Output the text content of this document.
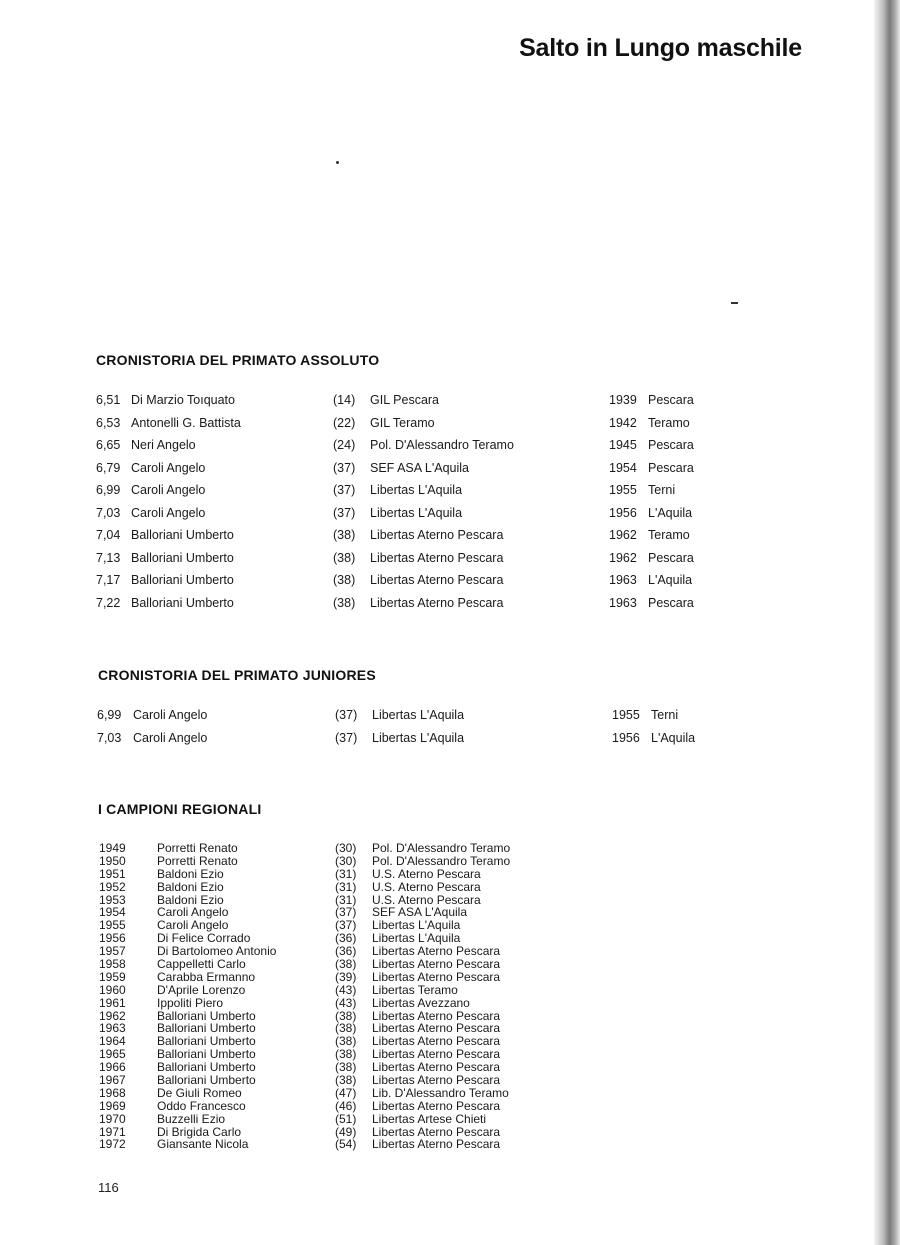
Salto in Lungo maschile
CRONISTORIA DEL PRIMATO ASSOLUTO
6,51 Di Marzio Toıquato	(14) GIL Pescara	1939 Pescara
6,53 Antonelli G. Battista	(22) GIL Teramo	1942 Teramo
6,65 Neri Angelo	(24) Pol. D'Alessandro Teramo	1945 Pescara
6,79 Caroli Angelo	(37) SEF ASA L'Aquila	1954 Pescara
6,99 Caroli Angelo	(37) Libertas L'Aquila	1955 Terni
7,03 Caroli Angelo	(37) Libertas L'Aquila	1956 L'Aquila
7,04 Balloriani Umberto	(38) Libertas Aterno Pescara	1962 Teramo
7,13 Balloriani Umberto	(38) Libertas Aterno Pescara	1962 Pescara
7,17 Balloriani Umberto	(38) Libertas Aterno Pescara	1963 L'Aquila
7,22 Balloriani Umberto	(38) Libertas Aterno Pescara	1963 Pescara
CRONISTORIA DEL PRIMATO JUNIORES
6,99 Caroli Angelo	(37) Libertas L'Aquila	1955 Terni
7,03 Caroli Angelo	(37) Libertas L'Aquila	1956 L'Aquila
I CAMPIONI REGIONALI
1949	Porretti Renato	(30) Pol. D'Alessandro Teramo
1950	Porretti Renato	(30) Pol. D'Alessandro Teramo
1951	Baldoni Ezio	(31) U.S. Aterno Pescara
1952	Baldoni Ezio	(31) U.S. Aterno Pescara
1953	Baldoni Ezio	(31) U.S. Aterno Pescara
1954	Caroli Angelo	(37) SEF ASA L'Aquila
1955	Caroli Angelo	(37) Libertas L'Aquila
1956	Di Felice Corrado	(36) Libertas L'Aquila
1957	Di Bartolomeo Antonio	(36) Libertas Aterno Pescara
1958	Cappelletti Carlo	(38) Libertas Aterno Pescara
1959	Carabba Ermanno	(39) Libertas Aterno Pescara
1960	D'Aprile Lorenzo	(43) Libertas Teramo
1961	Ippoliti Piero	(43) Libertas Avezzano
1962	Balloriani Umberto	(38) Libertas Aterno Pescara
1963	Balloriani Umberto	(38) Libertas Aterno Pescara
1964	Balloriani Umberto	(38) Libertas Aterno Pescara
1965	Balloriani Umberto	(38) Libertas Aterno Pescara
1966	Balloriani Umberto	(38) Libertas Aterno Pescara
1967	Balloriani Umberto	(38) Libertas Aterno Pescara
1968	De Giuli Romeo	(47) Lib. D'Alessandro Teramo
1969	Oddo Francesco	(46) Libertas Aterno Pescara
1970	Buzzelli Ezio	(51) Libertas Artese Chieti
1971	Di Brigida Carlo	(49) Libertas Aterno Pescara
1972	Giansante Nicola	(54) Libertas Aterno Pescara
116
